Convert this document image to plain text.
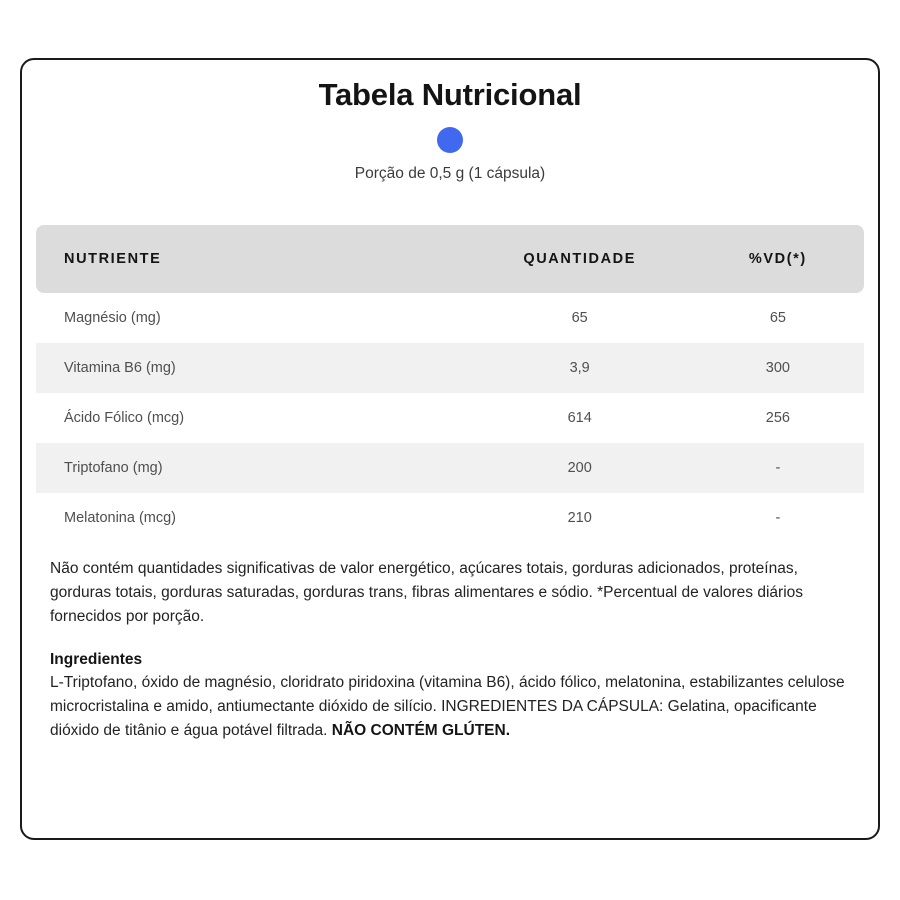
Tabela Nutricional

Porção de 0,5 g (1 cápsula)

NUTRIENTE	QUANTIDADE	%VD(*)
Magnésio (mg)	65	65
Vitamina B6 (mg)	3,9	300
Ácido Fólico (mcg)	614	256
Triptofano (mg)	200	-
Melatonina (mcg)	210	-

Não contém quantidades significativas de valor energético, açúcares totais, gorduras adicionados, proteínas, gorduras totais, gorduras saturadas, gorduras trans, fibras alimentares e sódio. *Percentual de valores diários fornecidos por porção.

Ingredientes

L-Triptofano, óxido de magnésio, cloridrato piridoxina (vitamina B6), ácido fólico, melatonina, estabilizantes celulose microcristalina e amido, antiumectante dióxido de silício. INGREDIENTES DA CÁPSULA: Gelatina, opacificante dióxido de titânio e água potável filtrada. NÃO CONTÉM GLÚTEN.
